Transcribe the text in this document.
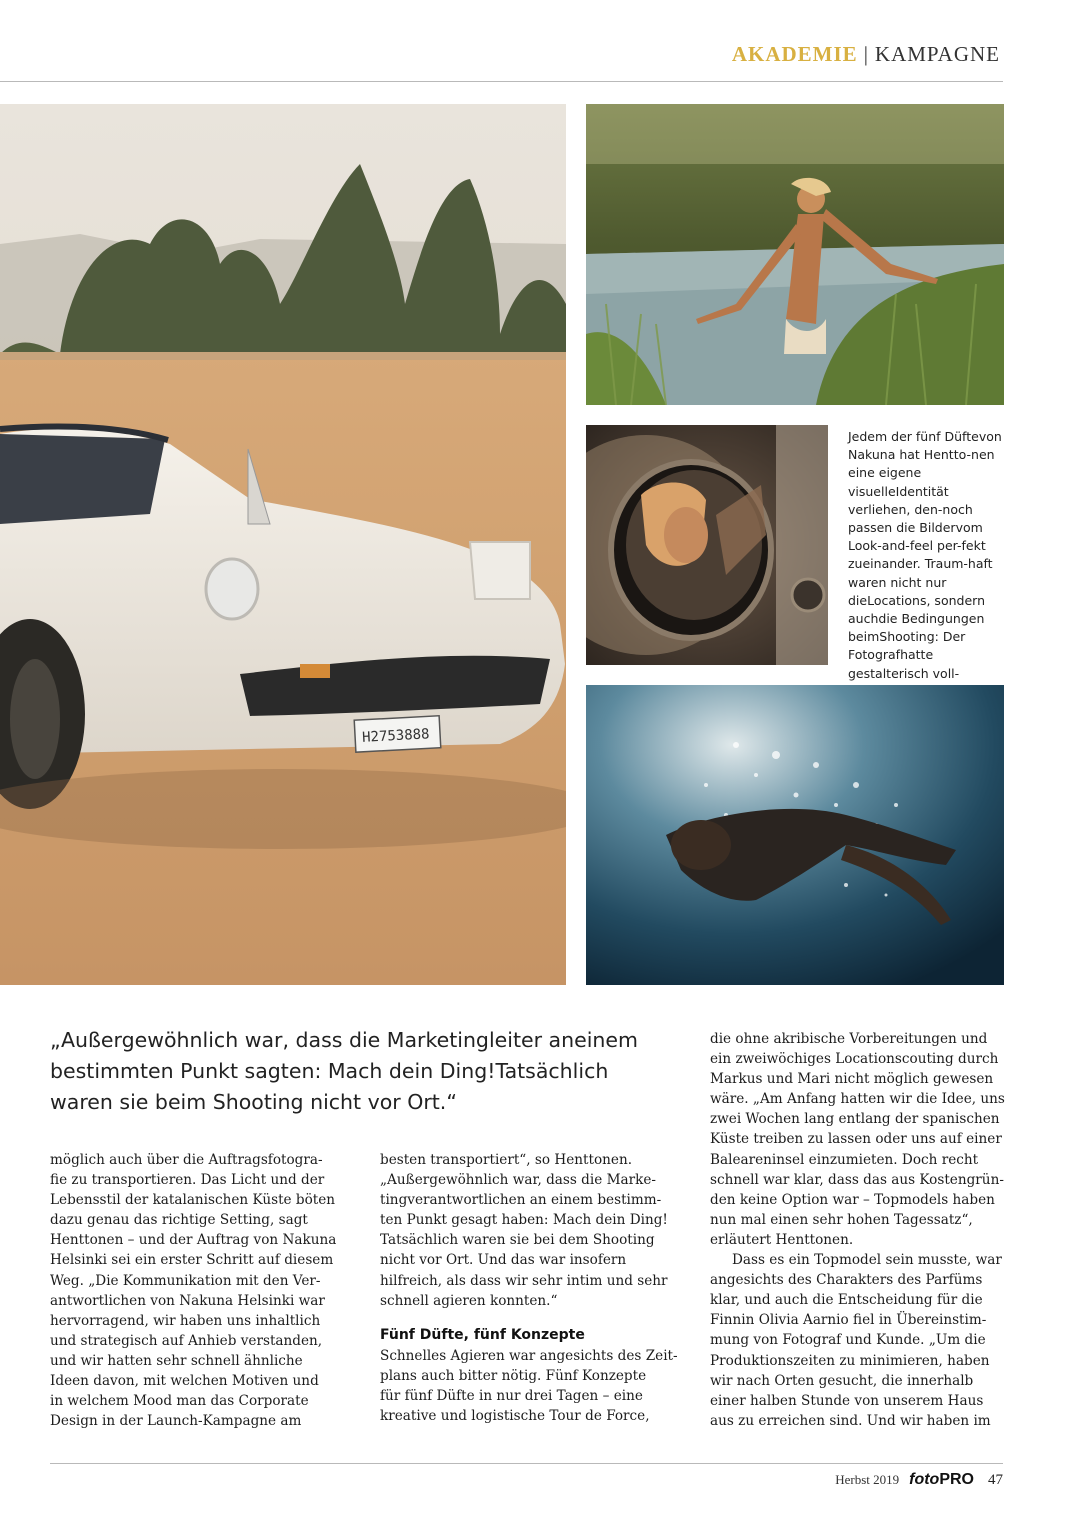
AKADEMIE | KAMPAGNE
H2753888
Jedem der fünf Düftevon Nakuna hat Hentto-nen eine eigene visuelleIdentität verliehen, den-noch passen die Bildervom Look-and-feel per-fekt zueinander. Traum-haft waren nicht nur dieLocations, sondern auchdie Bedingungen beimShooting: Der Fotografhatte gestalterisch voll-
„Außergewöhnlich war, dass die Marketingleiter aneinem bestimmten Punkt sagten: Mach dein Ding!Tatsächlich waren sie beim Shooting nicht vor Ort.“
möglich auch über die Auftragsfotogra-
fie zu transportieren. Das Licht und der
Lebensstil der katalanischen Küste böten
dazu genau das richtige Setting, sagt
Henttonen – und der Auftrag von Nakuna
Helsinki sei ein erster Schritt auf diesem
Weg. „Die Kommunikation mit den Ver-
antwortlichen von Nakuna Helsinki war
hervorragend, wir haben uns inhaltlich
und strategisch auf Anhieb verstanden,
und wir hatten sehr schnell ähnliche
Ideen davon, mit welchen Motiven und
in welchem Mood man das Corporate
Design in der Launch-Kampagne am
besten transportiert“, so Henttonen.
„Außergewöhnlich war, dass die Marke-
tingverantwortlichen an einem bestimm-
ten Punkt gesagt haben: Mach dein Ding!
Tatsächlich waren sie bei dem Shooting
nicht vor Ort. Und das war insofern
hilfreich, als dass wir sehr intim und sehr
schnell agieren konnten.“
Fünf Düfte, fünf Konzepte
Schnelles Agieren war angesichts des Zeit-
plans auch bitter nötig. Fünf Konzepte
für fünf Düfte in nur drei Tagen – eine
kreative und logistische Tour de Force,
die ohne akribische Vorbereitungen und
ein zweiwöchiges Locationscouting durch
Markus und Mari nicht möglich gewesen
wäre. „Am Anfang hatten wir die Idee, uns
zwei Wochen lang entlang der spanischen
Küste treiben zu lassen oder uns auf einer
Baleareninsel einzumieten. Doch recht
schnell war klar, dass das aus Kostengrün-
den keine Option war – Topmodels haben
nun mal einen sehr hohen Tagessatz“,
erläutert Henttonen.
Dass es ein Topmodel sein musste, war
angesichts des Charakters des Parfüms
klar, und auch die Entscheidung für die
Finnin Olivia Aarnio fiel in Übereinstim-
mung von Fotograf und Kunde. „Um die
Produktionszeiten zu minimieren, haben
wir nach Orten gesucht, die innerhalb
einer halben Stunde von unserem Haus
aus zu erreichen sind. Und wir haben im
Herbst 2019 fotoPRO 47
